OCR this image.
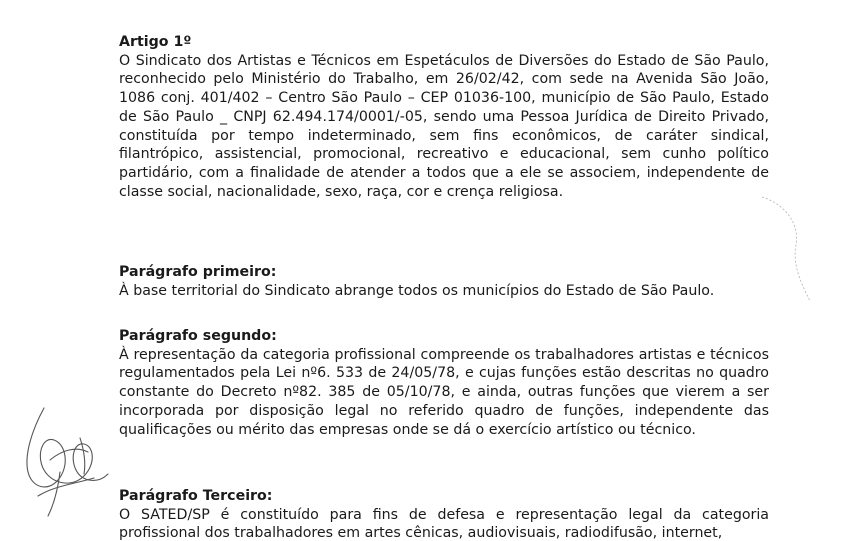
Artigo 1º
O Sindicato dos Artistas e Técnicos em Espetáculos de Diversões do Estado de São Paulo, reconhecido pelo Ministério do Trabalho, em 26/02/42, com sede na Avenida São João, 1086 conj. 401/402 – Centro São Paulo – CEP 01036-100, município de São Paulo, Estado de São Paulo _ CNPJ 62.494.174/0001/-05, sendo uma Pessoa Jurídica de Direito Privado, constituída por tempo indeterminado, sem fins econômicos, de caráter sindical, filantrópico, assistencial, promocional, recreativo e educacional, sem cunho político partidário, com a finalidade de atender a todos que a ele se associem, independente de classe social, nacionalidade, sexo, raça, cor e crença religiosa.
Parágrafo primeiro:
À base territorial do Sindicato abrange todos os municípios do Estado de São Paulo.
Parágrafo segundo:
À representação da categoria profissional compreende os trabalhadores artistas e técnicos regulamentados pela Lei nº6. 533 de 24/05/78, e cujas funções estão descritas no quadro constante do Decreto nº82. 385 de 05/10/78, e ainda, outras funções que vierem a ser incorporada por disposição legal no referido quadro de funções, independente das qualificações ou mérito das empresas onde se dá o exercício artístico ou técnico.
Parágrafo Terceiro:
O SATED/SP é constituído para fins de defesa e representação legal da categoria profissional dos trabalhadores em artes cênicas, audiovisuais, radiodifusão, internet,
